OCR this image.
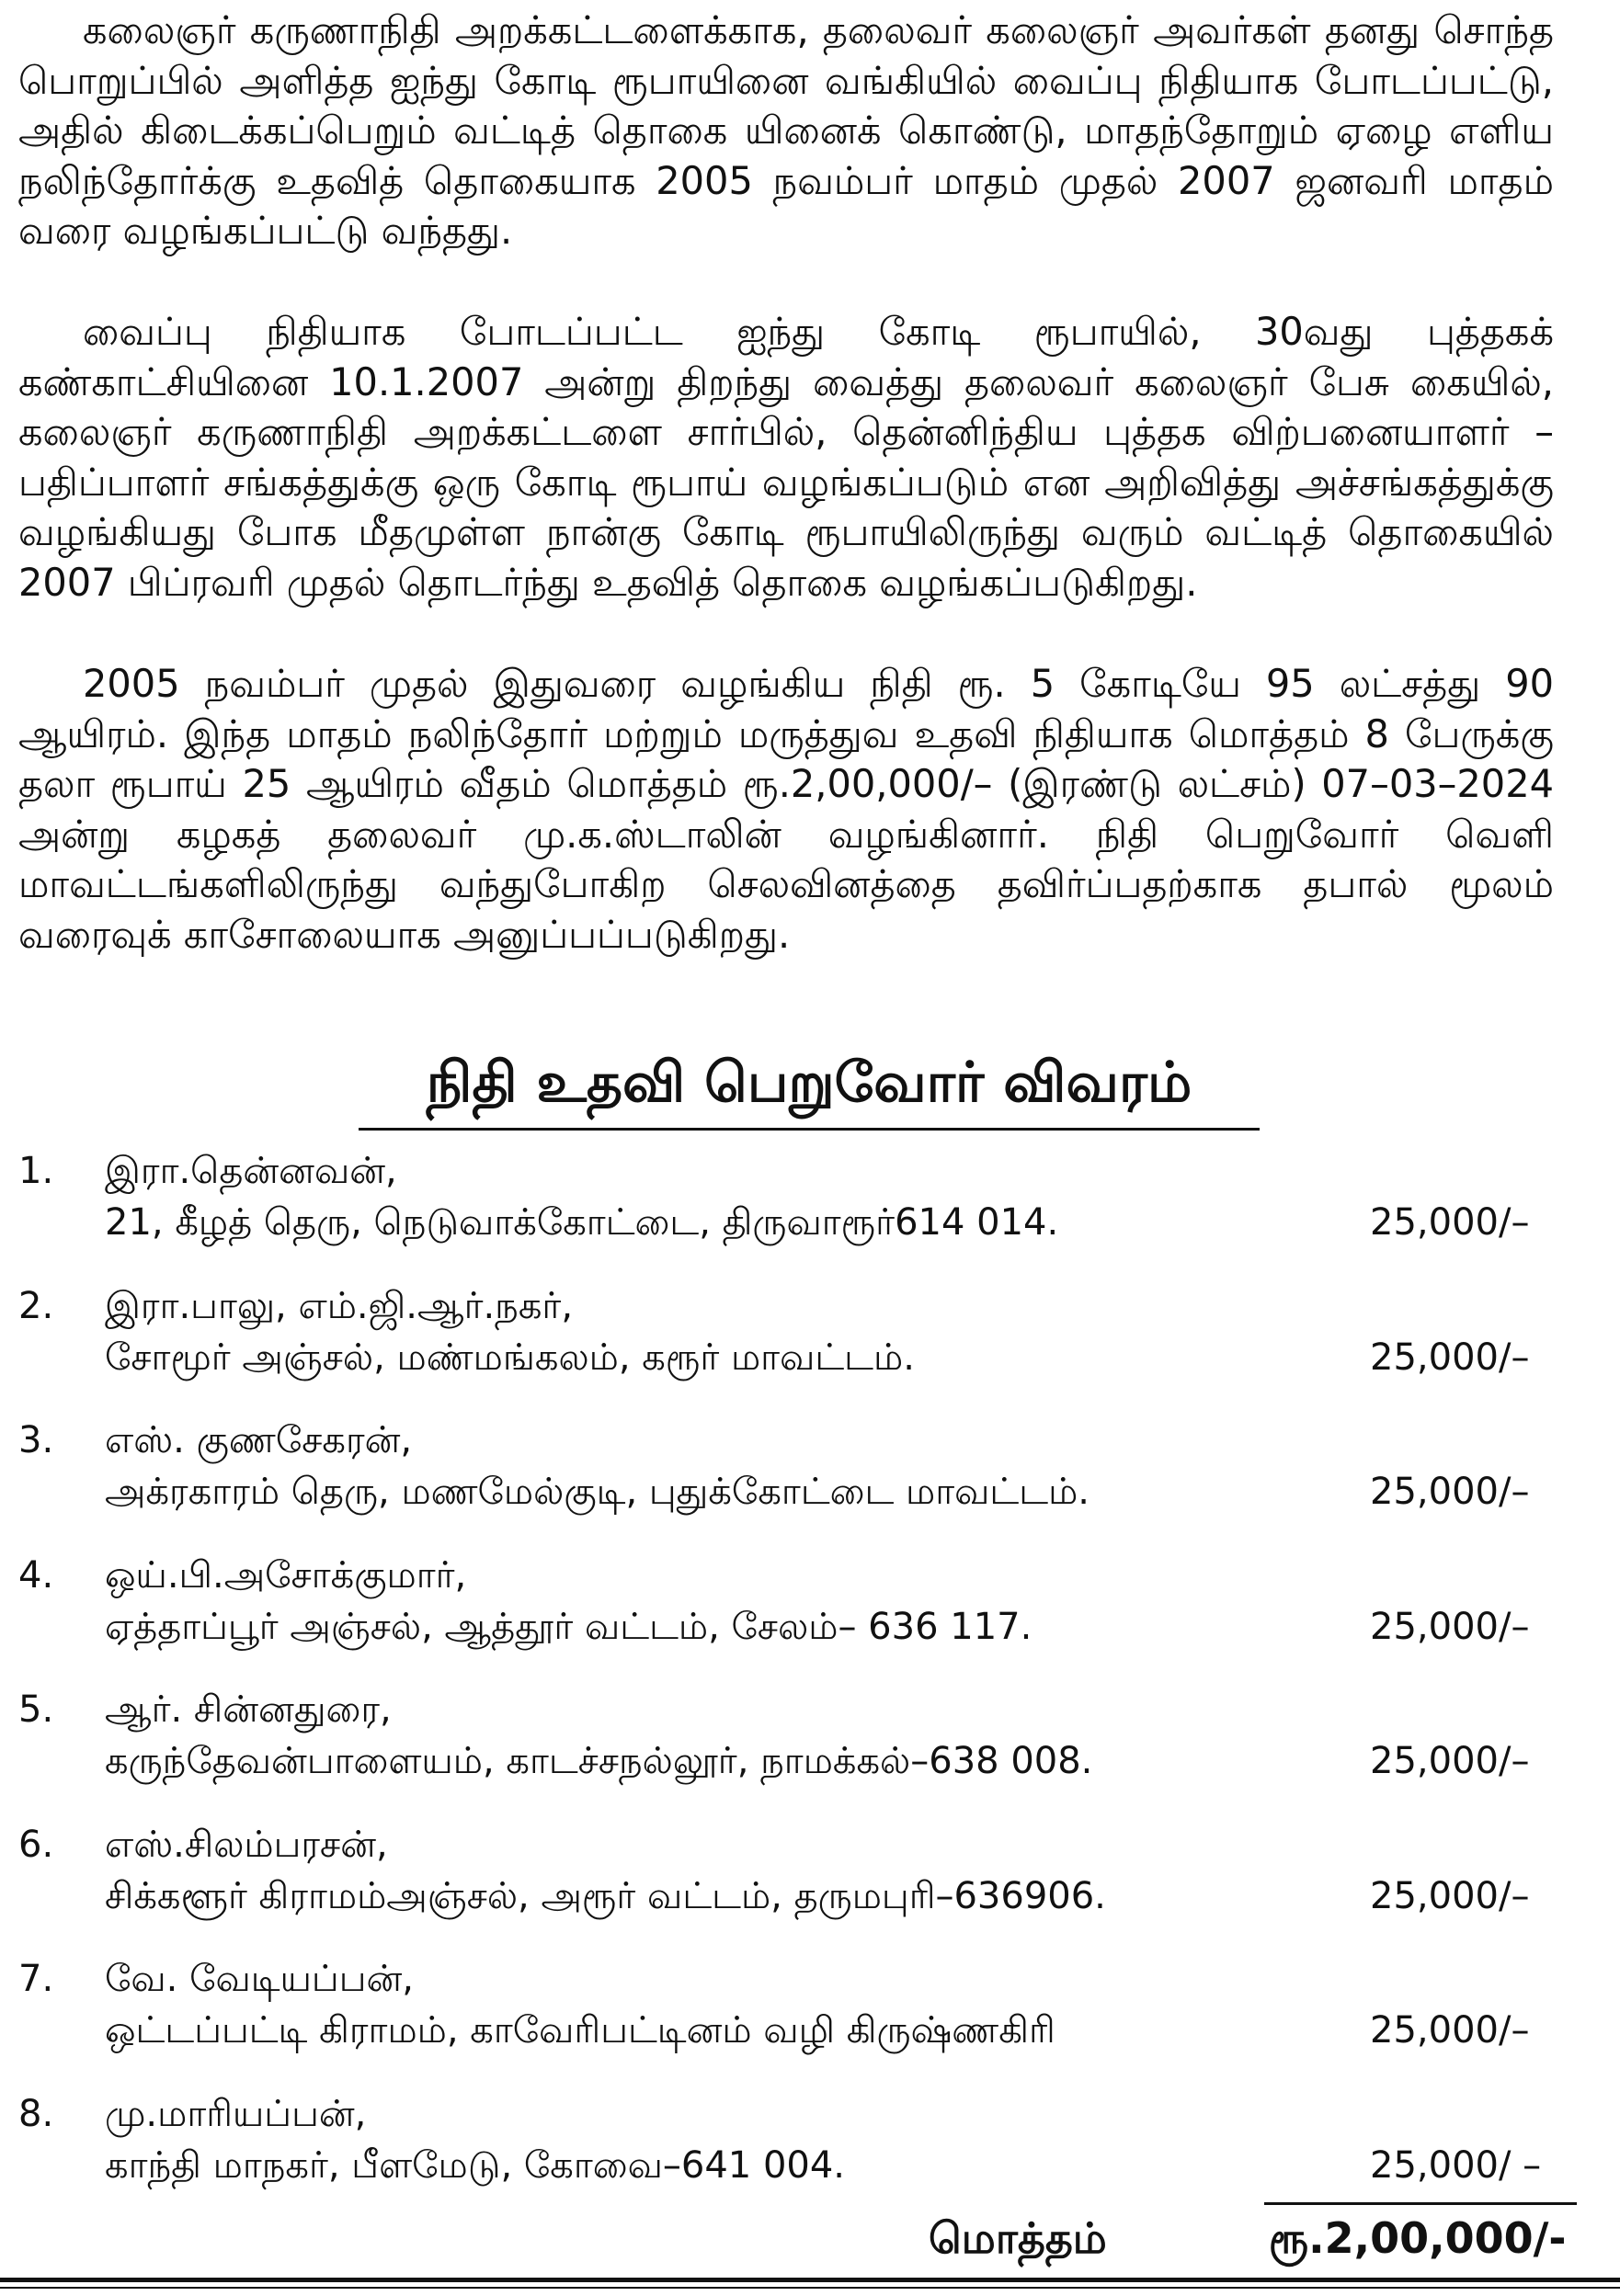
கலைஞர் கருணாநிதி அறக்கட்டளைக்காக, தலைவர் கலைஞர் அவர்கள் தனது சொந்த பொறுப்பில் அளித்த ஐந்து கோடி ரூபாயினை வங்கியில் வைப்பு நிதியாக போடப்பட்டு, அதில் கிடைக்கப்பெறும் வட்டித் தொகை யினைக் கொண்டு, மாதந்தோறும் ஏழை எளிய நலிந்தோர்க்கு உதவித் தொகையாக 2005 நவம்பர் மாதம் முதல் 2007 ஜனவரி மாதம் வரை வழங்கப்பட்டு வந்தது.
வைப்பு நிதியாக போடப்பட்ட ஐந்து கோடி ரூபாயில், 30வது புத்தகக் கண்காட்சியினை 10.1.2007 அன்று திறந்து வைத்து தலைவர் கலைஞர் பேசு கையில், கலைஞர் கருணாநிதி அறக்கட்டளை சார்பில், தென்னிந்திய புத்தக விற்பனையாளர் – பதிப்பாளர் சங்கத்துக்கு ஒரு கோடி ரூபாய் வழங்கப்படும் என அறிவித்து அச்சங்கத்துக்கு வழங்கியது போக மீதமுள்ள நான்கு கோடி ரூபாயிலிருந்து வரும் வட்டித் தொகையில் 2007 பிப்ரவரி முதல் தொடர்ந்து உதவித் தொகை வழங்கப்படுகிறது.
2005 நவம்பர் முதல் இதுவரை வழங்கிய நிதி ரூ. 5 கோடியே 95 லட்சத்து 90 ஆயிரம். இந்த மாதம் நலிந்தோர் மற்றும் மருத்துவ உதவி நிதியாக மொத்தம் 8 பேருக்கு தலா ரூபாய் 25 ஆயிரம் வீதம் மொத்தம் ரூ.2,00,000/– (இரண்டு லட்சம்) 07–03–2024 அன்று கழகத் தலைவர் மு.க.ஸ்டாலின் வழங்கினார். நிதி பெறுவோர் வெளி மாவட்டங்களிலிருந்து வந்துபோகிற செலவினத்தை தவிர்ப்பதற்காக தபால் மூலம் வரைவுக் காசோலையாக அனுப்பப்படுகிறது.
நிதி உதவி பெறுவோர் விவரம்
1. இரா.தென்னவன்,
21, கீழத் தெரு, நெடுவாக்கோட்டை, திருவாரூர்614 014.	25,000/–
2. இரா.பாலு, எம்.ஜி.ஆர்.நகர்,
சோமூர் அஞ்சல், மண்மங்கலம், கரூர் மாவட்டம்.	25,000/–
3. எஸ். குணசேகரன்,
அக்ரகாரம் தெரு, மணமேல்குடி, புதுக்கோட்டை மாவட்டம்.	25,000/–
4. ஒய்.பி.அசோக்குமார்,
ஏத்தாப்பூர் அஞ்சல், ஆத்தூர் வட்டம், சேலம்– 636 117.	25,000/–
5. ஆர். சின்னதுரை,
கருந்தேவன்பாளையம், காடச்சநல்லூர், நாமக்கல்–638 008.	25,000/–
6. எஸ்.சிலம்பரசன்,
சிக்களூர் கிராமம்அஞ்சல், அரூர் வட்டம், தருமபுரி–636906.	25,000/–
7. வே. வேடியப்பன்,
ஒட்டப்பட்டி கிராமம், காவேரிபட்டினம் வழி கிருஷ்ணகிரி	25,000/–
8. மு.மாரியப்பன்,
காந்தி மாநகர், பீளமேடு, கோவை–641 004.	25,000/ –
மொத்தம்	ரூ.2,00,000/-
